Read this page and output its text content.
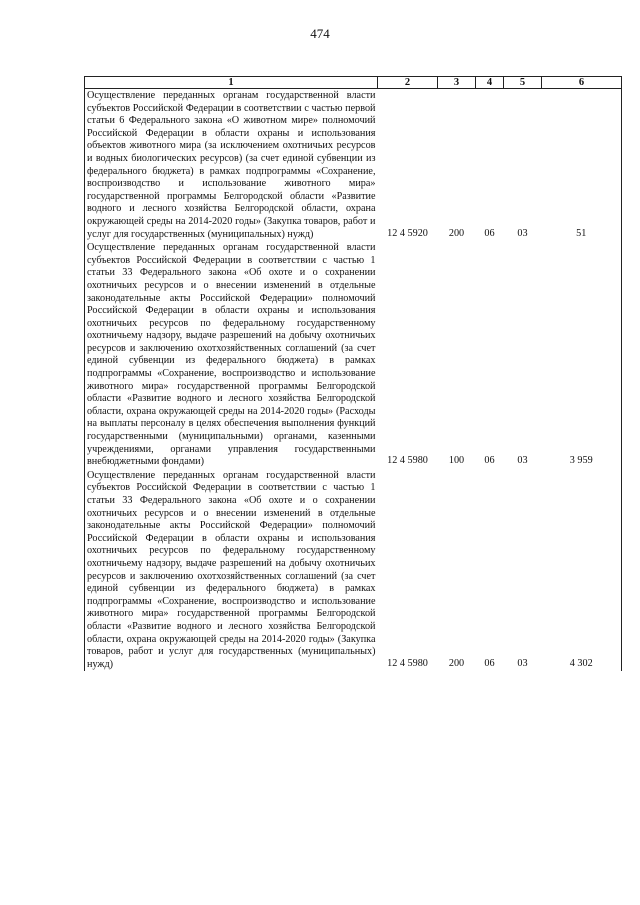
474
1	2	3	4	5	6
Осуществление переданных органам государственной власти субъектов Российской Федерации в соответствии с частью первой статьи 6 Федерального закона «О животном мире» полномочий Российской Федерации в области охраны и использования объектов животного мира (за исключением охотничьих ресурсов и водных биологических ресурсов) (за счет единой субвенции из федерального бюджета) в рамках подпрограммы «Сохранение, воспроизводство и использование животного мира» государственной программы Белгородской области «Развитие водного и лесного хозяйства Белгородской области, охрана окружающей среды на 2014-2020 годы» (Закупка товаров, работ и услуг для государственных (муниципальных) нужд)	12 4 5920	200	06	03	51
Осуществление переданных органам государственной власти субъектов Российской Федерации в соответствии с частью 1 статьи 33 Федерального закона «Об охоте и о сохранении охотничьих ресурсов и о внесении изменений в отдельные законодательные акты Российской Федерации» полномочий Российской Федерации в области охраны и использования охотничьих ресурсов по федеральному государственному охотничьему надзору, выдаче разрешений на добычу охотничьих ресурсов и заключению охотхозяйственных соглашений (за счет единой субвенции из федерального бюджета) в рамках подпрограммы «Сохранение, воспроизводство и использование животного мира» государственной программы Белгородской области «Развитие водного и лесного хозяйства Белгородской области, охрана окружающей среды на 2014-2020 годы» (Расходы на выплаты персоналу в целях обеспечения выполнения функций государственными (муниципальными) органами, казенными учреждениями, органами управления государственными внебюджетными фондами)	12 4 5980	100	06	03	3 959
Осуществление переданных органам государственной власти субъектов Российской Федерации в соответствии с частью 1 статьи 33 Федерального закона «Об охоте и о сохранении охотничьих ресурсов и о внесении изменений в отдельные законодательные акты Российской Федерации» полномочий Российской Федерации в области охраны и использования охотничьих ресурсов по федеральному государственному охотничьему надзору, выдаче разрешений на добычу охотничьих ресурсов и заключению охотхозяйственных соглашений (за счет единой субвенции из федерального бюджета) в рамках подпрограммы «Сохранение, воспроизводство и использование животного мира» государственной программы Белгородской области «Развитие водного и лесного хозяйства Белгородской области, охрана окружающей среды на 2014-2020 годы» (Закупка товаров, работ и услуг для государственных (муниципальных) нужд)	12 4 5980	200	06	03	4 302
